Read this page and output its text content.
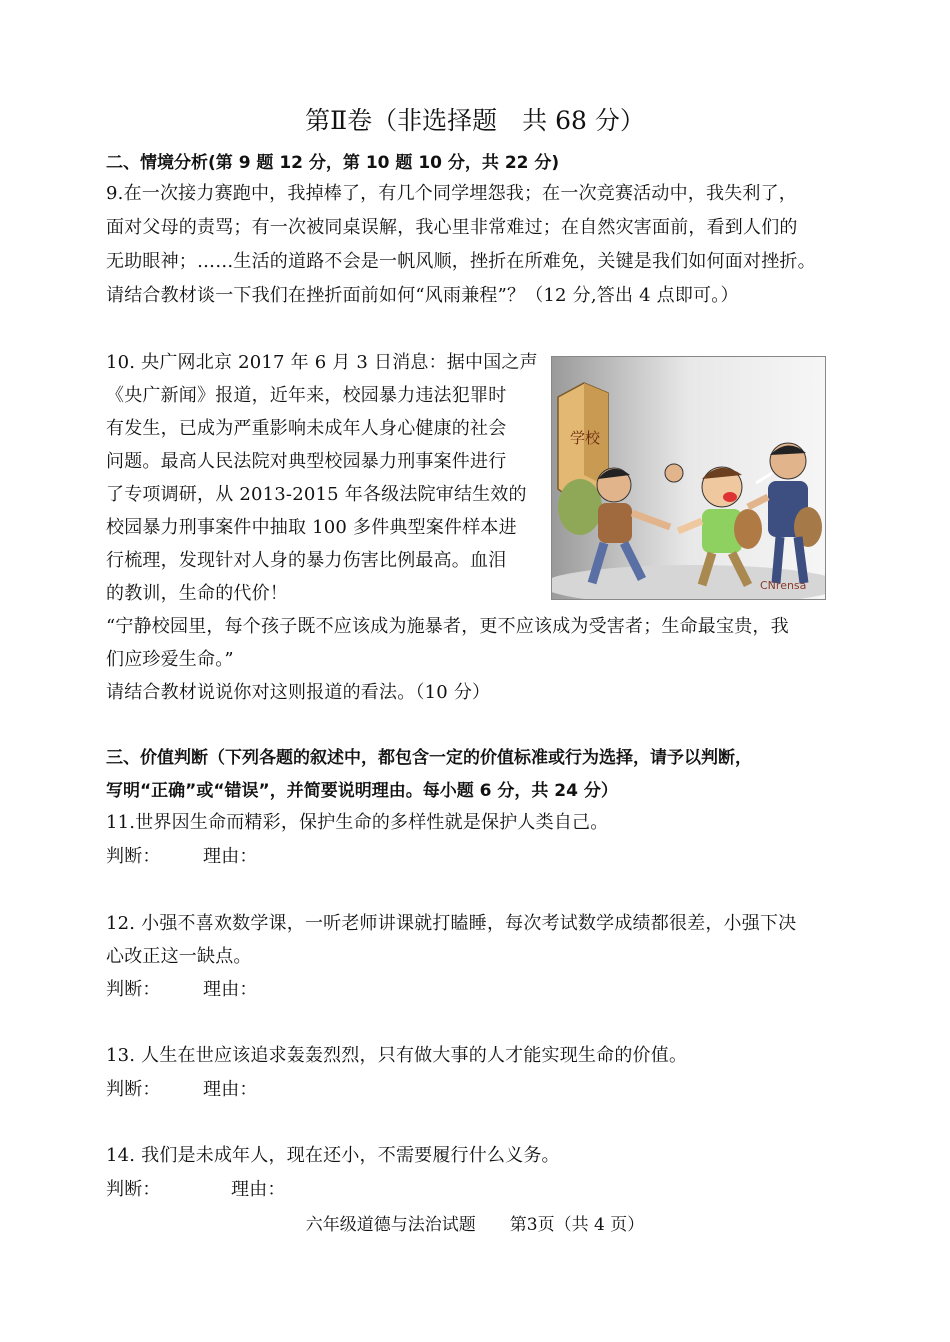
第Ⅱ卷（非选择题　共 68 分）
二、情境分析(第 9 题 12 分，第 10 题 10 分，共 22 分)
9.在一次接力赛跑中，我掉棒了，有几个同学埋怨我；在一次竞赛活动中，我失利了，
面对父母的责骂；有一次被同桌误解，我心里非常难过；在自然灾害面前，看到人们的
无助眼神；……生活的道路不会是一帆风顺，挫折在所难免，关键是我们如何面对挫折。
请结合教材谈一下我们在挫折面前如何“风雨兼程”？（12 分,答出 4 点即可。）
10. 央广网北京 2017 年 6 月 3 日消息：据中国之声
《央广新闻》报道，近年来，校园暴力违法犯罪时
有发生，已成为严重影响未成年人身心健康的社会
问题。最高人民法院对典型校园暴力刑事案件进行
了专项调研，从 2013-2015 年各级法院审结生效的
校园暴力刑事案件中抽取 100 多件典型案件样本进
行梳理，发现针对人身的暴力伤害比例最高。血泪
的教训，生命的代价！
学校
CNrensa
“宁静校园里，每个孩子既不应该成为施暴者，更不应该成为受害者；生命最宝贵，我
们应珍爱生命。”
请结合教材说说你对这则报道的看法。（10 分）
三、价值判断（下列各题的叙述中，都包含一定的价值标准或行为选择，请予以判断，
写明“正确”或“错误”，并简要说明理由。每小题 6 分，共 24 分）
11.世界因生命而精彩，保护生命的多样性就是保护人类自己。
判断： 理由：
12. 小强不喜欢数学课，一听老师讲课就打瞌睡，每次考试数学成绩都很差，小强下决
心改正这一缺点。
判断： 理由：
13. 人生在世应该追求轰轰烈烈，只有做大事的人才能实现生命的价值。
判断： 理由：
14. 我们是未成年人，现在还小，不需要履行什么义务。
判断：	理由：
六年级道德与法治试题　　第3页（共 4 页）
